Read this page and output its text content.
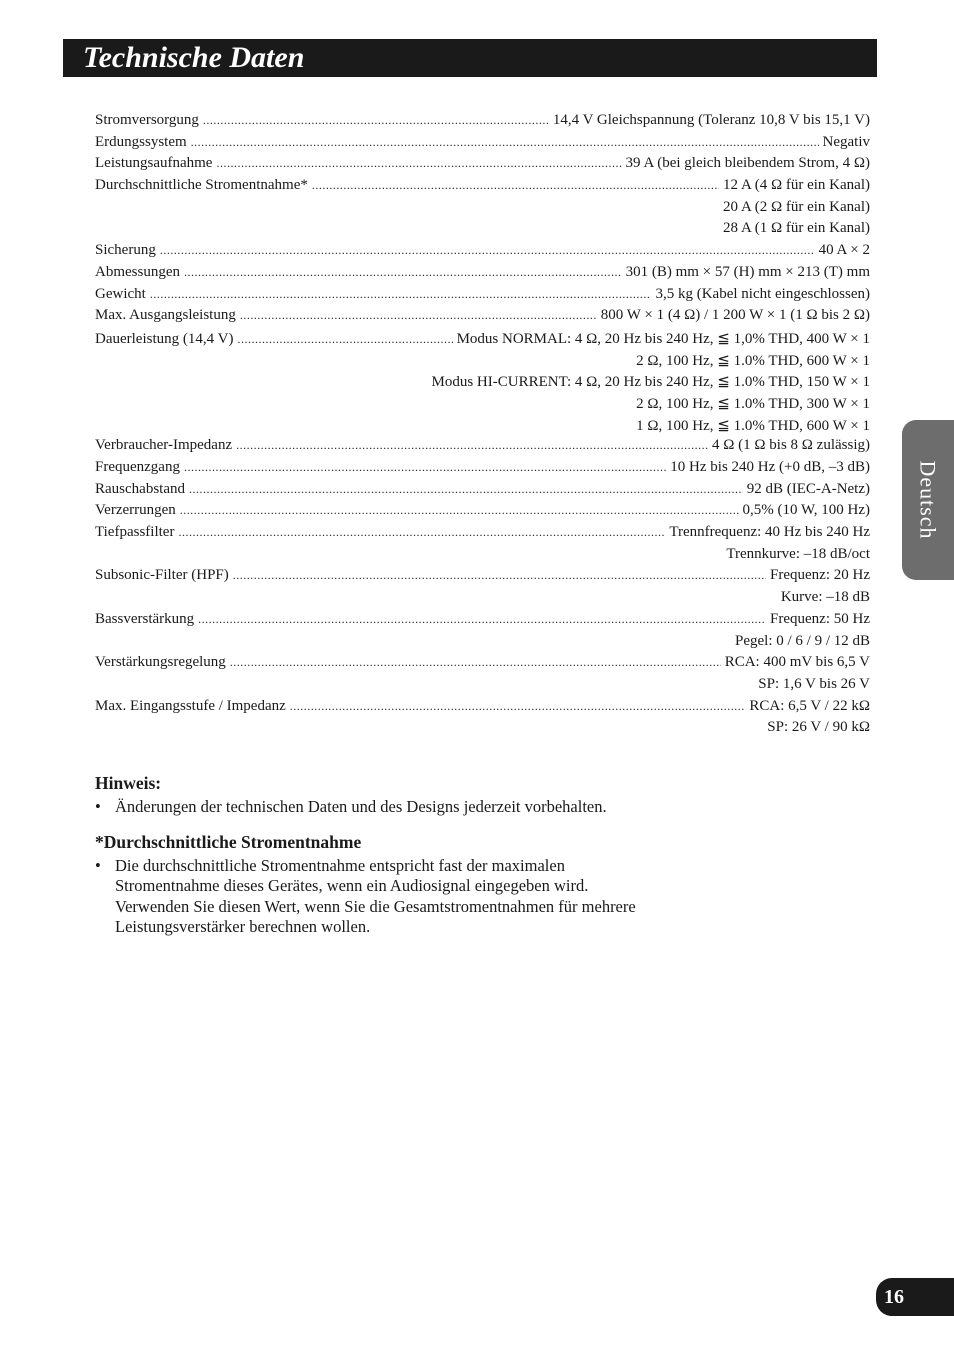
Technische Daten
Stromversorgung .....	14,4 V Gleichspannung (Toleranz 10,8 V bis 15,1 V)
Erdungssystem .....	Negativ
Leistungsaufnahme .....	39 A (bei gleich bleibendem Strom, 4 Ω)
Durchschnittliche Stromentnahme* .....	12 A (4 Ω für ein Kanal)
20 A (2 Ω für ein Kanal)
28 A (1 Ω für ein Kanal)
Sicherung .....	40 A × 2
Abmessungen .....	301 (B) mm × 57 (H) mm × 213 (T) mm
Gewicht .....	3,5 kg (Kabel nicht eingeschlossen)
Max. Ausgangsleistung .....	800 W × 1 (4 Ω) / 1 200 W × 1 (1 Ω bis 2 Ω)
Dauerleistung (14,4 V) .....	Modus NORMAL: 4 Ω, 20 Hz bis 240 Hz, ≦ 1,0% THD, 400 W × 1
2 Ω, 100 Hz, ≦ 1.0% THD, 600 W × 1
Modus HI-CURRENT: 4 Ω, 20 Hz bis 240 Hz, ≦ 1.0% THD, 150 W × 1
2 Ω, 100 Hz, ≦ 1.0% THD, 300 W × 1
1 Ω, 100 Hz, ≦ 1.0% THD, 600 W × 1
Verbraucher-Impedanz .....	4 Ω (1 Ω bis 8 Ω zulässig)
Frequenzgang .....	10 Hz bis 240 Hz (+0 dB, –3 dB)
Rauschabstand .....	92 dB (IEC-A-Netz)
Verzerrungen .....	0,5% (10 W, 100 Hz)
Tiefpassfilter .....	Trennfrequenz: 40 Hz bis 240 Hz
Trennkurve: –18 dB/oct
Subsonic-Filter (HPF) .....	Frequenz: 20 Hz
Kurve: –18 dB
Bassverstärkung .....	Frequenz: 50 Hz
Pegel: 0 / 6 / 9 / 12 dB
Verstärkungsregelung .....	RCA: 400 mV bis 6,5 V
SP: 1,6 V bis 26 V
Max. Eingangsstufe / Impedanz .....	RCA: 6,5 V / 22 kΩ
SP: 26 V / 90 kΩ
Hinweis:
• Änderungen der technischen Daten und des Designs jederzeit vorbehalten.
*Durchschnittliche Stromentnahme
• Die durchschnittliche Stromentnahme entspricht fast der maximalen
Stromentnahme dieses Gerätes, wenn ein Audiosignal eingegeben wird.
Verwenden Sie diesen Wert, wenn Sie die Gesamtstromentnahmen für mehrere
Leistungsverstärker berechnen wollen.
Deutsch
16
